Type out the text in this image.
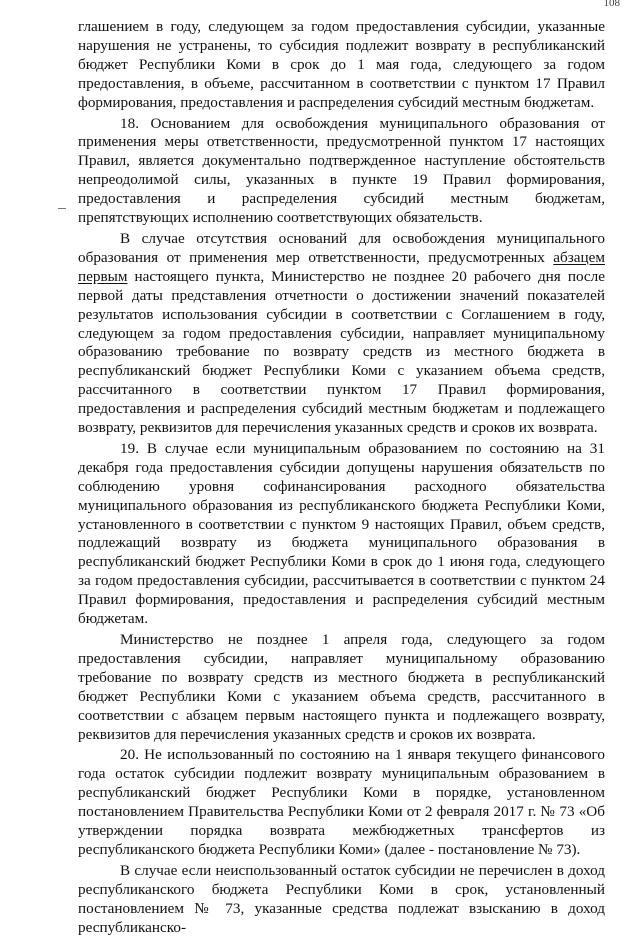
108

глашением в году, следующем за годом предоставления субсидии, указанные нарушения не устранены, то субсидия подлежит возврату в республиканский бюджет Республики Коми в срок до 1 мая года, следующего за годом предоставления, в объеме, рассчитанном в соответствии с пунктом 17 Правил формирования, предоставления и распределения субсидий местным бюджетам.

18. Основанием для освобождения муниципального образования от применения меры ответственности, предусмотренной пунктом 17 настоящих Правил, является документально подтвержденное наступление обстоятельств непреодолимой силы, указанных в пункте 19 Правил формирования, предоставления и распределения субсидий местным бюджетам, препятствующих исполнению соответствующих обязательств.

В случае отсутствия оснований для освобождения муниципального образования от применения мер ответственности, предусмотренных абзацем первым настоящего пункта, Министерство не позднее 20 рабочего дня после первой даты представления отчетности о достижении значений показателей результатов использования субсидии в соответствии с Соглашением в году, следующем за годом предоставления субсидии, направляет муниципальному образованию требование по возврату средств из местного бюджета в республиканский бюджет Республики Коми с указанием объема средств, рассчитанного в соответствии пунктом 17 Правил формирования, предоставления и распределения субсидий местным бюджетам и подлежащего возврату, реквизитов для перечисления указанных средств и сроков их возврата.

19. В случае если муниципальным образованием по состоянию на 31 декабря года предоставления субсидии допущены нарушения обязательств по соблюдению уровня софинансирования расходного обязательства муниципального образования из республиканского бюджета Республики Коми, установленного в соответствии с пунктом 9 настоящих Правил, объем средств, подлежащий возврату из бюджета муниципального образования в республиканский бюджет Республики Коми в срок до 1 июня года, следующего за годом предоставления субсидии, рассчитывается в соответствии с пунктом 24 Правил формирования, предоставления и распределения субсидий местным бюджетам.

Министерство не позднее 1 апреля года, следующего за годом предоставления субсидии, направляет муниципальному образованию требование по возврату средств из местного бюджета в республиканский бюджет Республики Коми с указанием объема средств, рассчитанного в соответствии с абзацем первым настоящего пункта и подлежащего возврату, реквизитов для перечисления указанных средств и сроков их возврата.

20. Не использованный по состоянию на 1 января текущего финансового года остаток субсидии подлежит возврату муниципальным образованием в республиканский бюджет Республики Коми в порядке, установленном постановлением Правительства Республики Коми от 2 февраля 2017 г. № 73 «Об утверждении порядка возврата межбюджетных трансфертов из республиканского бюджета Республики Коми» (далее - постановление № 73).

В случае если неиспользованный остаток субсидии не перечислен в доход республиканского бюджета Республики Коми в срок, установленный постановлением № 73, указанные средства подлежат взысканию в доход республиканско-
